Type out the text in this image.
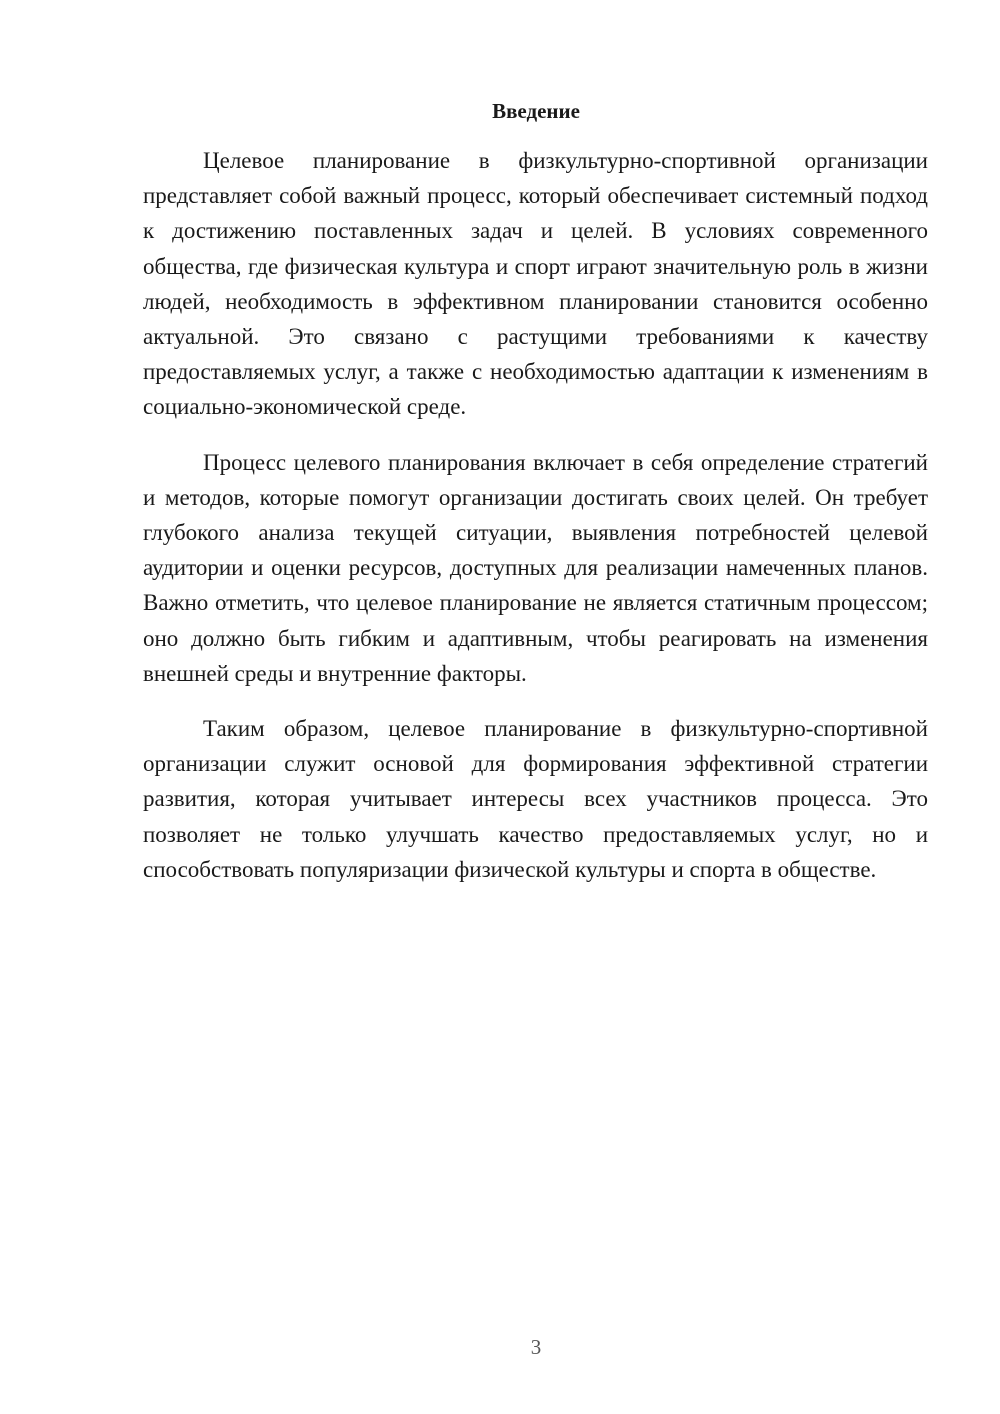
Введение

Целевое планирование в физкультурно-спортивной организации представляет собой важный процесс, который обеспечивает системный подход к достижению поставленных задач и целей. В условиях современного общества, где физическая культура и спорт играют значительную роль в жизни людей, необходимость в эффективном планировании становится особенно актуальной. Это связано с растущими требованиями к качеству предоставляемых услуг, а также с необходимостью адаптации к изменениям в социально-экономической среде.

Процесс целевого планирования включает в себя определение стратегий и методов, которые помогут организации достигать своих целей. Он требует глубокого анализа текущей ситуации, выявления потребностей целевой аудитории и оценки ресурсов, доступных для реализации намеченных планов. Важно отметить, что целевое планирование не является статичным процессом; оно должно быть гибким и адаптивным, чтобы реагировать на изменения внешней среды и внутренние факторы.

Таким образом, целевое планирование в физкультурно-спортивной организации служит основой для формирования эффективной стратегии развития, которая учитывает интересы всех участников процесса. Это позволяет не только улучшать качество предоставляемых услуг, но и способствовать популяризации физической культуры и спорта в обществе.

3
